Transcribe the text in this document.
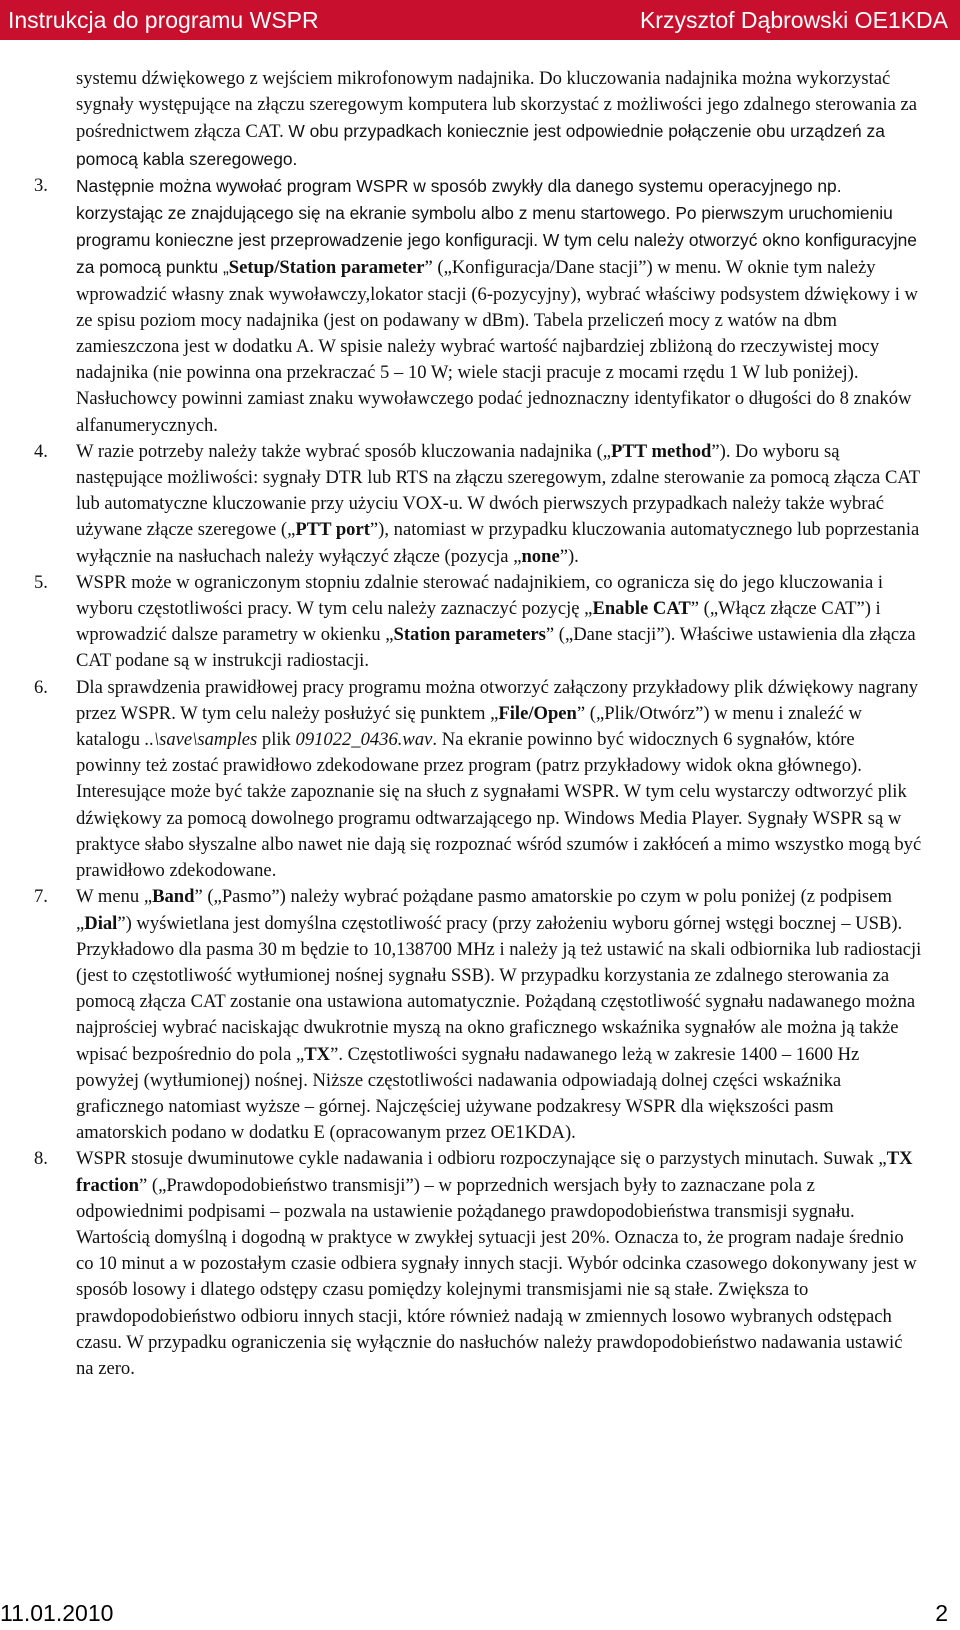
Instrukcja do programu WSPR	Krzysztof Dąbrowski OE1KDA

systemu dźwiękowego z wejściem mikrofonowym nadajnika. Do kluczowania nadajnika można wykorzystać sygnały występujące na złączu szeregowym komputera lub skorzystać z możliwości jego zdalnego sterowania za pośrednictwem złącza CAT. W obu przypadkach koniecznie jest odpowiednie połączenie obu urządzeń za pomocą kabla szeregowego.

3. Następnie można wywołać program WSPR w sposób zwykły dla danego systemu operacyjnego np. korzystając ze znajdującego się na ekranie symbolu albo z menu startowego. Po pierwszym uruchomieniu programu konieczne jest przeprowadzenie jego konfiguracji. W tym celu należy otworzyć okno konfiguracyjne za pomocą punktu „Setup/Station parameter” („Konfiguracja/Dane stacji”) w menu. W oknie tym należy wprowadzić własny znak wywoławczy,lokator stacji (6-pozycyjny), wybrać właściwy podsystem dźwiękowy i w ze spisu poziom mocy nadajnika (jest on podawany w dBm). Tabela przeliczeń mocy z watów na dbm zamieszczona jest w dodatku A. W spisie należy wybrać wartość najbardziej zbliżoną do rzeczywistej mocy nadajnika (nie powinna ona przekraczać 5 – 10 W; wiele stacji pracuje z mocami rzędu 1 W lub poniżej). Nasłuchowcy powinni zamiast znaku wywoławczego podać jednoznaczny identyfikator o długości do 8 znaków alfanumerycznych.

4. W razie potrzeby należy także wybrać sposób kluczowania nadajnika („PTT method”). Do wyboru są następujące możliwości: sygnały DTR lub RTS na złączu szeregowym, zdalne sterowanie za pomocą złącza CAT lub automatyczne kluczowanie przy użyciu VOX-u. W dwóch pierwszych przypadkach należy także wybrać używane złącze szeregowe („PTT port”), natomiast w przypadku kluczowania automatycznego lub poprzestania wyłącznie na nasłuchach należy wyłączyć złącze (pozycja „none”).

5. WSPR może w ograniczonym stopniu zdalnie sterować nadajnikiem, co ogranicza się do jego kluczowania i wyboru częstotliwości pracy. W tym celu należy zaznaczyć pozycję „Enable CAT” („Włącz złącze CAT”) i wprowadzić dalsze parametry w okienku „Station parameters” („Dane stacji”). Właściwe ustawienia dla złącza CAT podane są w instrukcji radiostacji.

6. Dla sprawdzenia prawidłowej pracy programu można otworzyć załączony przykładowy plik dźwiękowy nagrany przez WSPR. W tym celu należy posłużyć się punktem „File/Open” („Plik/Otwórz”) w menu i znaleźć w katalogu ..\save\samples plik 091022_0436.wav. Na ekranie powinno być widocznych 6 sygnałów, które powinny też zostać prawidłowo zdekodowane przez program (patrz przykładowy widok okna głównego). Interesujące może być także zapoznanie się na słuch z sygnałami WSPR. W tym celu wystarczy odtworzyć plik dźwiękowy za pomocą dowolnego programu odtwarzającego np. Windows Media Player. Sygnały WSPR są w praktyce słabo słyszalne albo nawet nie dają się rozpoznać wśród szumów i zakłóceń a mimo wszystko mogą być prawidłowo zdekodowane.

7. W menu „Band” („Pasmo”) należy wybrać pożądane pasmo amatorskie po czym w polu poniżej (z podpisem „Dial”) wyświetlana jest domyślna częstotliwość pracy (przy założeniu wyboru górnej wstęgi bocznej – USB). Przykładowo dla pasma 30 m będzie to 10,138700 MHz i należy ją też ustawić na skali odbiornika lub radiostacji (jest to częstotliwość wytłumionej nośnej sygnału SSB). W przypadku korzystania ze zdalnego sterowania za pomocą złącza CAT zostanie ona ustawiona automatycznie. Pożądaną częstotliwość sygnału nadawanego można najprościej wybrać naciskając dwukrotnie myszą na okno graficznego wskaźnika sygnałów ale można ją także wpisać bezpośrednio do pola „TX”. Częstotliwości sygnału nadawanego leżą w zakresie 1400 – 1600 Hz powyżej (wytłumionej) nośnej. Niższe częstotliwości nadawania odpowiadają dolnej części wskaźnika graficznego natomiast wyższe – górnej. Najczęściej używane podzakresy WSPR dla większości pasm amatorskich podano w dodatku E (opracowanym przez OE1KDA).

8. WSPR stosuje dwuminutowe cykle nadawania i odbioru rozpoczynające się o parzystych minutach. Suwak „TX fraction” („Prawdopodobieństwo transmisji”) – w poprzednich wersjach były to zaznaczane pola z odpowiednimi podpisami – pozwala na ustawienie pożądanego prawdopodobieństwa transmisji sygnału. Wartością domyślną i dogodną w praktyce w zwykłej sytuacji jest 20%. Oznacza to, że program nadaje średnio co 10 minut a w pozostałym czasie odbiera sygnały innych stacji. Wybór odcinka czasowego dokonywany jest w sposób losowy i dlatego odstępy czasu pomiędzy kolejnymi transmisjami nie są stałe. Zwiększa to prawdopodobieństwo odbioru innych stacji, które również nadają w zmiennych losowo wybranych odstępach czasu. W przypadku ograniczenia się wyłącznie do nasłuchów należy prawdopodobieństwo nadawania ustawić na zero.

11.01.2010	2
